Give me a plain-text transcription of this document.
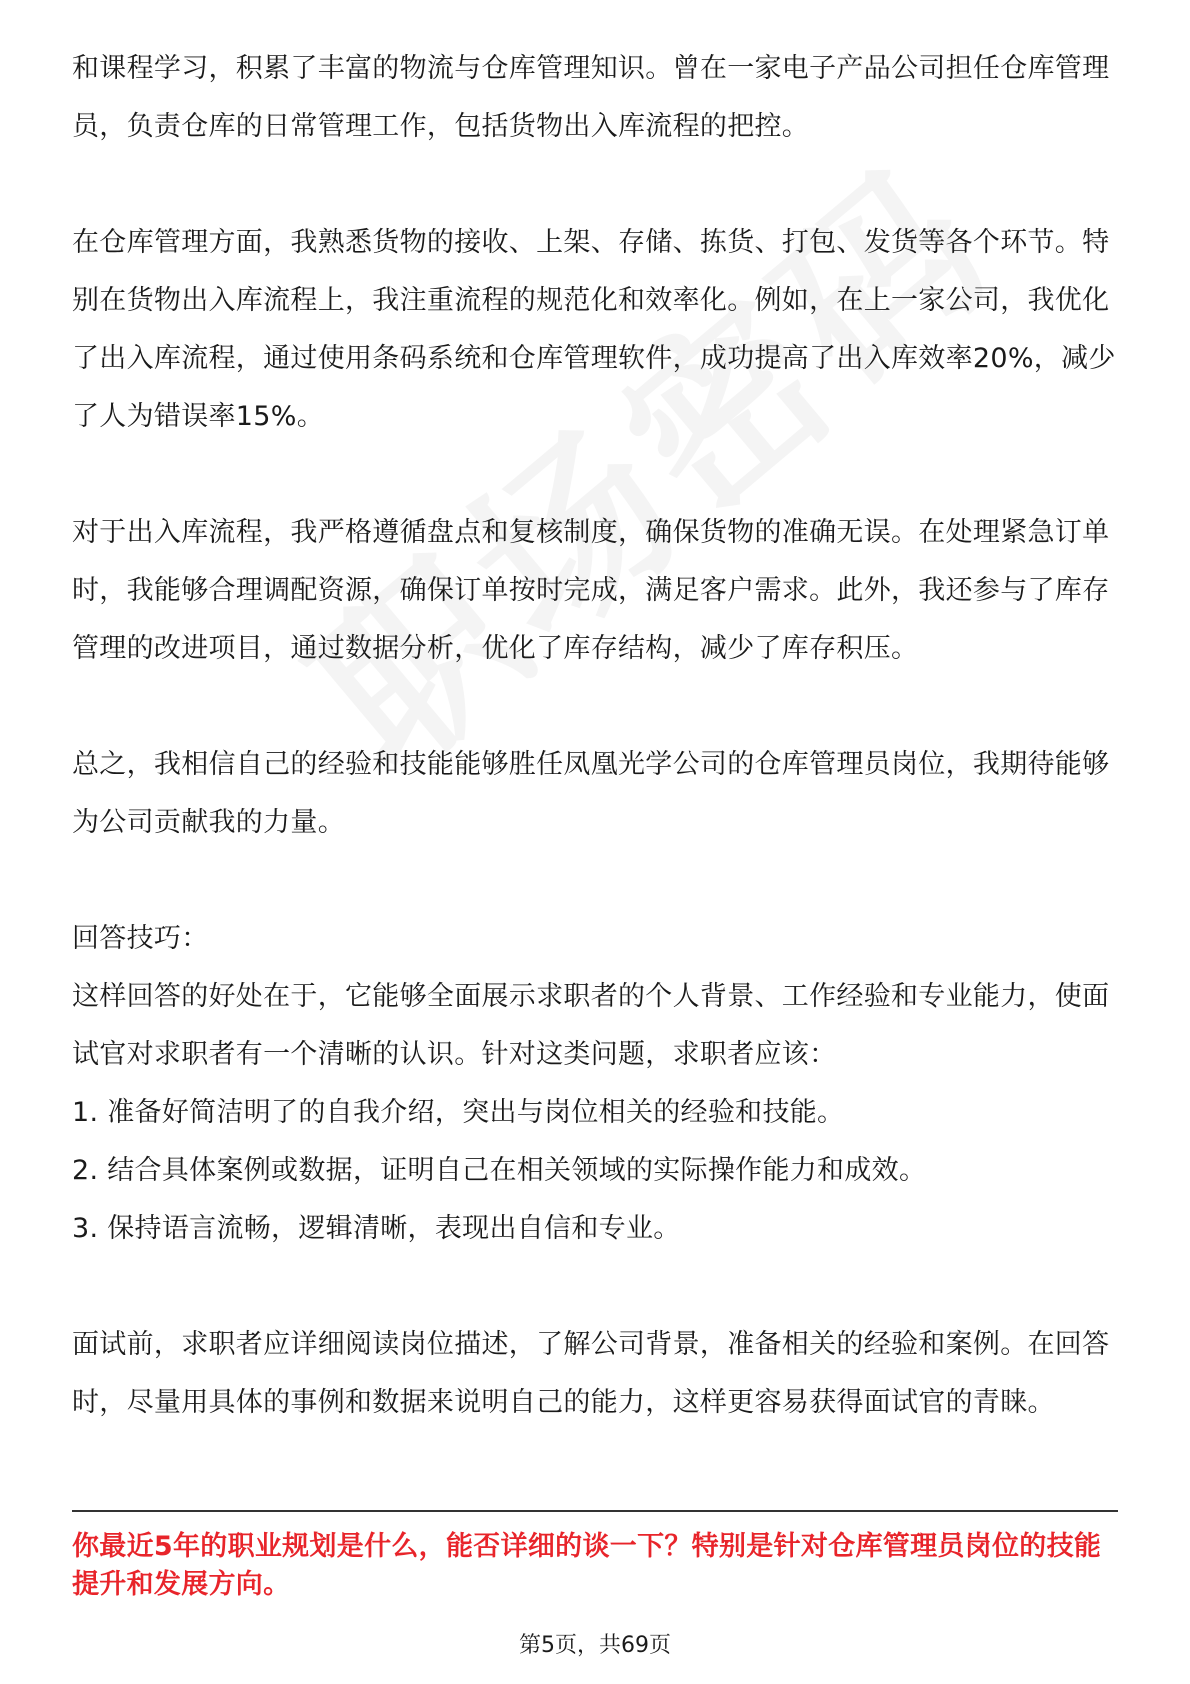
和课程学习，积累了丰富的物流与仓库管理知识。曾在一家电子产品公司担任仓库管理员，负责仓库的日常管理工作，包括货物出入库流程的把控。

在仓库管理方面，我熟悉货物的接收、上架、存储、拣货、打包、发货等各个环节。特别在货物出入库流程上，我注重流程的规范化和效率化。例如，在上一家公司，我优化了出入库流程，通过使用条码系统和仓库管理软件，成功提高了出入库效率20%，减少了人为错误率15%。

对于出入库流程，我严格遵循盘点和复核制度，确保货物的准确无误。在处理紧急订单时，我能够合理调配资源，确保订单按时完成，满足客户需求。此外，我还参与了库存管理的改进项目，通过数据分析，优化了库存结构，减少了库存积压。

总之，我相信自己的经验和技能能够胜任凤凰光学公司的仓库管理员岗位，我期待能够为公司贡献我的力量。

回答技巧：

这样回答的好处在于，它能够全面展示求职者的个人背景、工作经验和专业能力，使面试官对求职者有一个清晰的认识。针对这类问题，求职者应该：

1. 准备好简洁明了的自我介绍，突出与岗位相关的经验和技能。
2. 结合具体案例或数据，证明自己在相关领域的实际操作能力和成效。
3. 保持语言流畅，逻辑清晰，表现出自信和专业。

面试前，求职者应详细阅读岗位描述，了解公司背景，准备相关的经验和案例。在回答时，尽量用具体的事例和数据来说明自己的能力，这样更容易获得面试官的青睐。

你最近5年的职业规划是什么，能否详细的谈一下？特别是针对仓库管理员岗位的技能提升和发展方向。

第5页，共69页
